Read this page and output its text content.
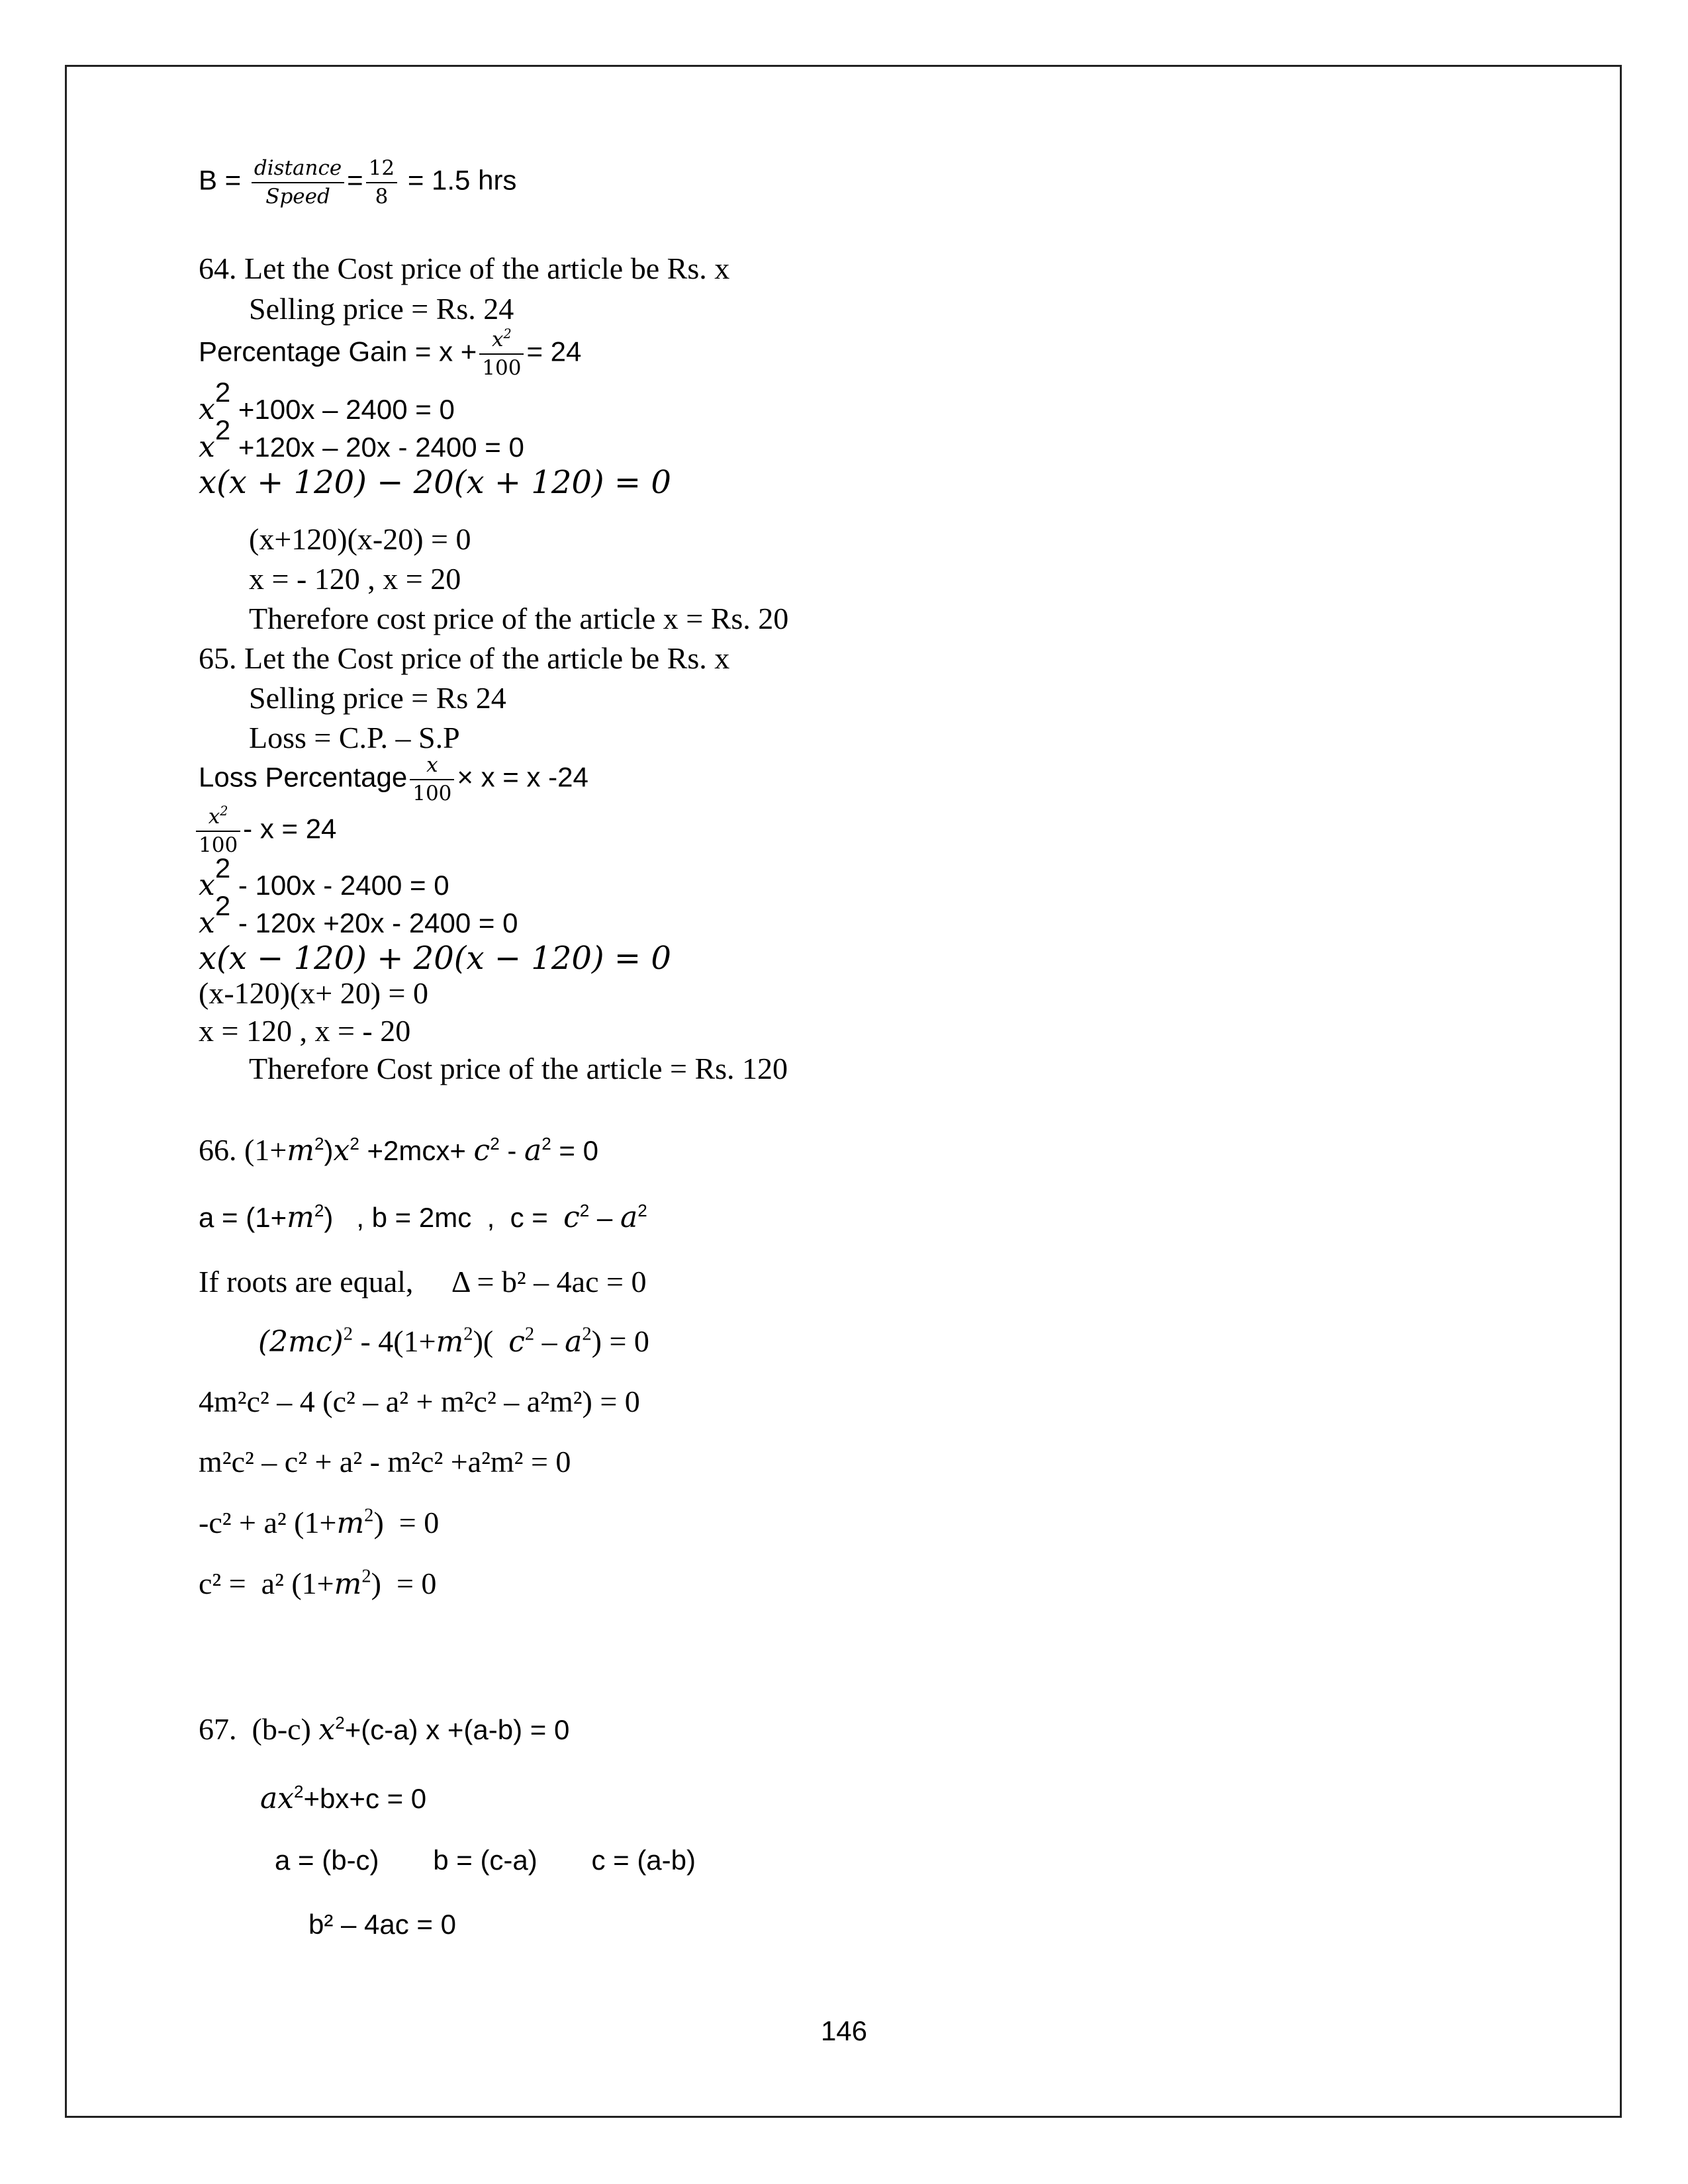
$B = \frac{\text{distance}}{\text{Speed}} = \frac{12}{8} = 1.5$ hrs
64. Let the Cost price of the article be Rs. x
Selling price = Rs. 24
Percentage Gain = $x + \frac{x^2}{100} = 24$
$x^2 +100x - 2400 = 0$
$x^2 +120x - 20x - 2400 = 0$
x(x + 120) − 20(x + 120) = 0
(x+120)(x-20) = 0
x = - 120 , x = 20
Therefore cost price of the article x = Rs. 20
65. Let the Cost price of the article be Rs. x
Selling price = Rs 24
Loss = C.P. – S.P
Loss Percentage $\frac{x}{100} \times x = x$ -24
$\frac{x^2}{100} - x = 24$
$x^2 - 100x - 2400 = 0$
$x^2 - 120x +20x - 2400 = 0$
x(x − 120) + 20(x − 120) = 0
(x-120)(x+ 20) = 0
x = 120 , x = - 20
Therefore Cost price of the article = Rs. 120
66. $(1+m^2)x^2 +2mcx+ c^2 - a^2 = 0$
$a = (1+m^2)$   , b = 2mc  ,  $c = c^2 - a^2$
If roots are equal,     Δ = b² – 4ac = 0
$(2mc)^2 - 4(1+m^2)$(  $c^2 - a^2) = 0$
4m²c² – 4 (c² – a² + m²c² – a²m²) = 0
m²c² – c² + a² - m²c² +a²m² = 0
-c² + a² $(1+m^2) = 0$
c² =  a² $(1+m^2) = 0$
67.  (b-c) $x^2+(c-a)$ x +(a-b) = 0
$ax^2+bx+c = 0$
a = (b-c)       b = (c-a)       c = (a-b)
b² – 4ac = 0
146
